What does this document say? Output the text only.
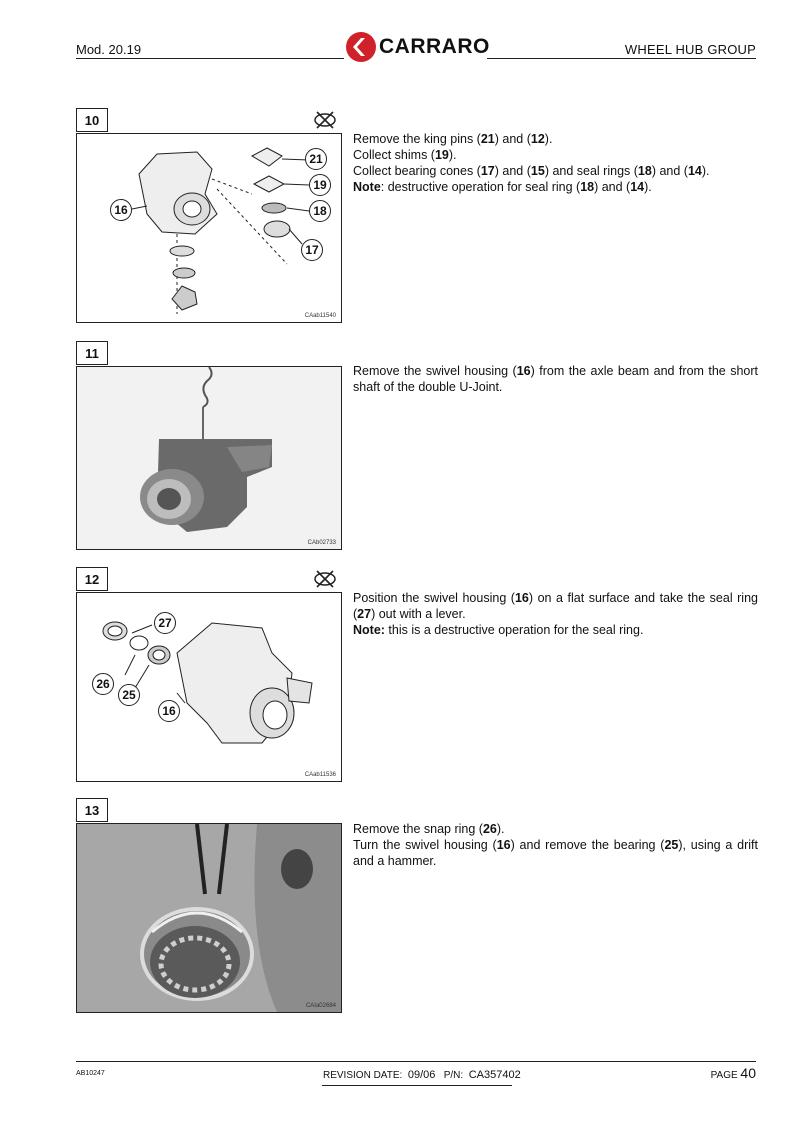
Mod. 20.19	CARRARO	WHEEL HUB GROUP
10
21
19
16	18
17
CAab11540
Remove the king pins (21) and (12).
Collect shims (19).
Collect bearing cones (17) and (15) and seal rings (18) and (14).
Note: destructive operation for seal ring (18) and (14).
11
CAb02733
Remove the swivel housing (16) from the axle beam and from the short shaft of the double U-Joint.
12
27
26
25
16
CAab11536
Position the swivel housing (16) on a flat surface and take the seal ring (27) out with a lever.
Note: this is a destructive operation for the seal ring.
13
CAIa02684
Remove the snap ring (26).
Turn the swivel housing (16) and remove the bearing (25), using a drift and a hammer.
AB10247	REVISION DATE: 09/06 P/N: CA357402	PAGE 40
